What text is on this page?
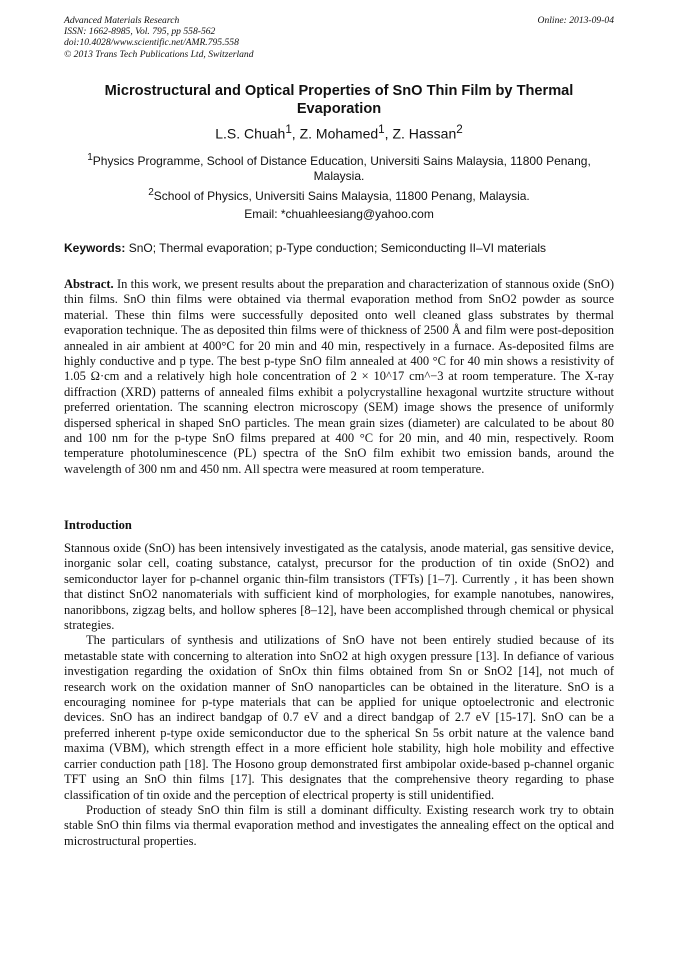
Advanced Materials Research
ISSN: 1662-8985, Vol. 795, pp 558-562
doi:10.4028/www.scientific.net/AMR.795.558
© 2013 Trans Tech Publications Ltd, Switzerland
Online: 2013-09-04
Microstructural and Optical Properties of SnO Thin Film by Thermal Evaporation
L.S. Chuah$^1$, Z. Mohamed$^1$, Z. Hassan$^2$
$^1$Physics Programme, School of Distance Education, Universiti Sains Malaysia, 11800 Penang, Malaysia.
$^2$School of Physics, Universiti Sains Malaysia, 11800 Penang, Malaysia.
Email: *chuahleesiang@yahoo.com
Keywords: SnO; Thermal evaporation; p-Type conduction; Semiconducting II–VI materials
Abstract. In this work, we present results about the preparation and characterization of stannous oxide (SnO) thin films. SnO thin films were obtained via thermal evaporation method from SnO2 powder as source material. These thin films were successfully deposited onto well cleaned glass substrates by thermal evaporation technique. The as deposited thin films were of thickness of 2500 Å and film were post-deposition annealed in air ambient at 400°C for 20 min and 40 min, respectively in a furnace. As-deposited films are highly conductive and p type. The best p-type SnO film annealed at 400 °C for 40 min shows a resistivity of 1.05 Ω·cm and a relatively high hole concentration of 2 × 10^17 cm^−3 at room temperature. The X-ray diffraction (XRD) patterns of annealed films exhibit a polycrystalline hexagonal wurtzite structure without preferred orientation. The scanning electron microscopy (SEM) image shows the presence of uniformly dispersed spherical in shaped SnO particles. The mean grain sizes (diameter) are calculated to be about 80 and 100 nm for the p-type SnO films prepared at 400 °C for 20 min, and 40 min, respectively. Room temperature photoluminescence (PL) spectra of the SnO film exhibit two emission bands, around the wavelength of 300 nm and 450 nm. All spectra were measured at room temperature.
Introduction

Stannous oxide (SnO) has been intensively investigated as the catalysis, anode material, gas sensitive device, inorganic solar cell, coating substance, catalyst, precursor for the production of tin oxide (SnO2) and semiconductor layer for p-channel organic thin-film transistors (TFTs) [1–7]. Currently , it has been shown that distinct SnO2 nanomaterials with sufficient kind of morphologies, for example nanotubes, nanowires, nanoribbons, zigzag belts, and hollow spheres [8–12], have been accomplished through chemical or physical strategies.

The particulars of synthesis and utilizations of SnO have not been entirely studied because of its metastable state with concerning to alteration into SnO2 at high oxygen pressure [13]. In defiance of various investigation regarding the oxidation of SnOx thin films obtained from Sn or SnO2 [14], not much of research work on the oxidation manner of SnO nanoparticles can be obtained in the literature. SnO is a encouraging nominee for p-type materials that can be applied for unique optoelectronic and electronic devices. SnO has an indirect bandgap of 0.7 eV and a direct bandgap of 2.7 eV [15-17]. SnO can be a preferred inherent p-type oxide semiconductor due to the spherical Sn 5s orbit nature at the valence band maxima (VBM), which strength effect in a more efficient hole stability, high hole mobility and effective carrier conduction path [18]. The Hosono group demonstrated first ambipolar oxide-based p-channel organic TFT using an SnO thin films [17]. This designates that the comprehensive theory regarding to phase classification of tin oxide and the perception of electrical property is still unidentified.

Production of steady SnO thin film is still a dominant difficulty. Existing research work try to obtain stable SnO thin films via thermal evaporation method and investigates the annealing effect on the optical and microstructural properties.
